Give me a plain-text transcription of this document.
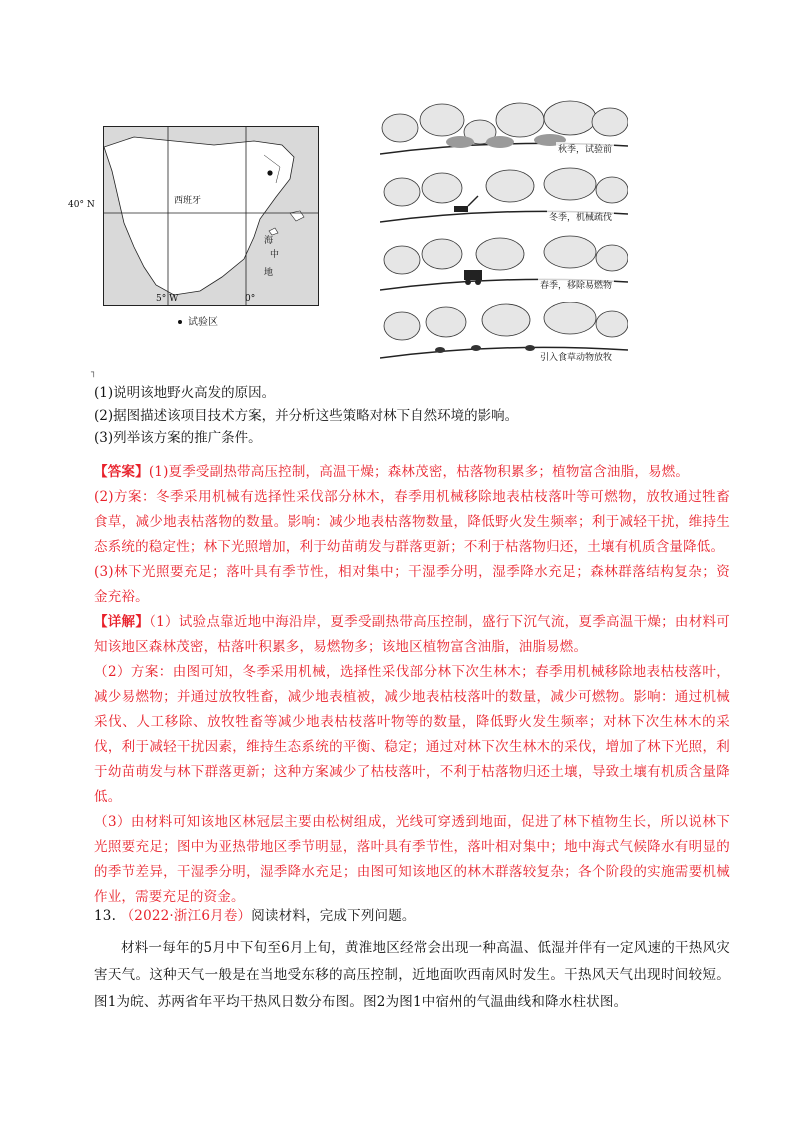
西班牙
海
中
地
40° N
5° W	0°
试验区
秋季，试验前
冬季，机械疏伐
春季，移除易燃物
引入食草动物放牧
┐
(1)说明该地野火高发的原因。
(2)据图描述该项目技术方案，并分析这些策略对林下自然环境的影响。
(3)列举该方案的推广条件。
【答案】(1)夏季受副热带高压控制，高温干燥；森林茂密，枯落物积累多；植物富含油脂，易燃。
(2)方案：冬季采用机械有选择性采伐部分林木，春季用机械移除地表枯枝落叶等可燃物，放牧通过牲畜食草，减少地表枯落物的数量。影响：减少地表枯落物数量，降低野火发生频率；利于减轻干扰，维持生态系统的稳定性；林下光照增加，利于幼苗萌发与群落更新；不利于枯落物归还，土壤有机质含量降低。
(3)林下光照要充足；落叶具有季节性，相对集中；干湿季分明，湿季降水充足；森林群落结构复杂；资金充裕。
【详解】（1）试验点靠近地中海沿岸，夏季受副热带高压控制，盛行下沉气流，夏季高温干燥；由材料可知该地区森林茂密，枯落叶积累多，易燃物多；该地区植物富含油脂，油脂易燃。
（2）方案：由图可知，冬季采用机械，选择性采伐部分林下次生林木；春季用机械移除地表枯枝落叶，减少易燃物；并通过放牧牲畜，减少地表植被，减少地表枯枝落叶的数量，减少可燃物。影响：通过机械采伐、人工移除、放牧牲畜等减少地表枯枝落叶物等的数量，降低野火发生频率；对林下次生林木的采伐，利于减轻干扰因素，维持生态系统的平衡、稳定；通过对林下次生林木的采伐，增加了林下光照，利于幼苗萌发与林下群落更新；这种方案减少了枯枝落叶，不利于枯落物归还土壤，导致土壤有机质含量降低。
（3）由材料可知该地区林冠层主要由松树组成，光线可穿透到地面，促进了林下植物生长，所以说林下光照要充足；图中为亚热带地区季节明显，落叶具有季节性，落叶相对集中；地中海式气候降水有明显的的季节差异，干湿季分明，湿季降水充足；由图可知该地区的林木群落较复杂；各个阶段的实施需要机械作业，需要充足的资金。
13. （2022·浙江6月卷）阅读材料，完成下列问题。
材料一每年的5月中下旬至6月上旬，黄淮地区经常会出现一种高温、低湿并伴有一定风速的干热风灾害天气。这种天气一般是在当地受东移的高压控制，近地面吹西南风时发生。干热风天气出现时间较短。图1为皖、苏两省年平均干热风日数分布图。图2为图1中宿州的气温曲线和降水柱状图。
